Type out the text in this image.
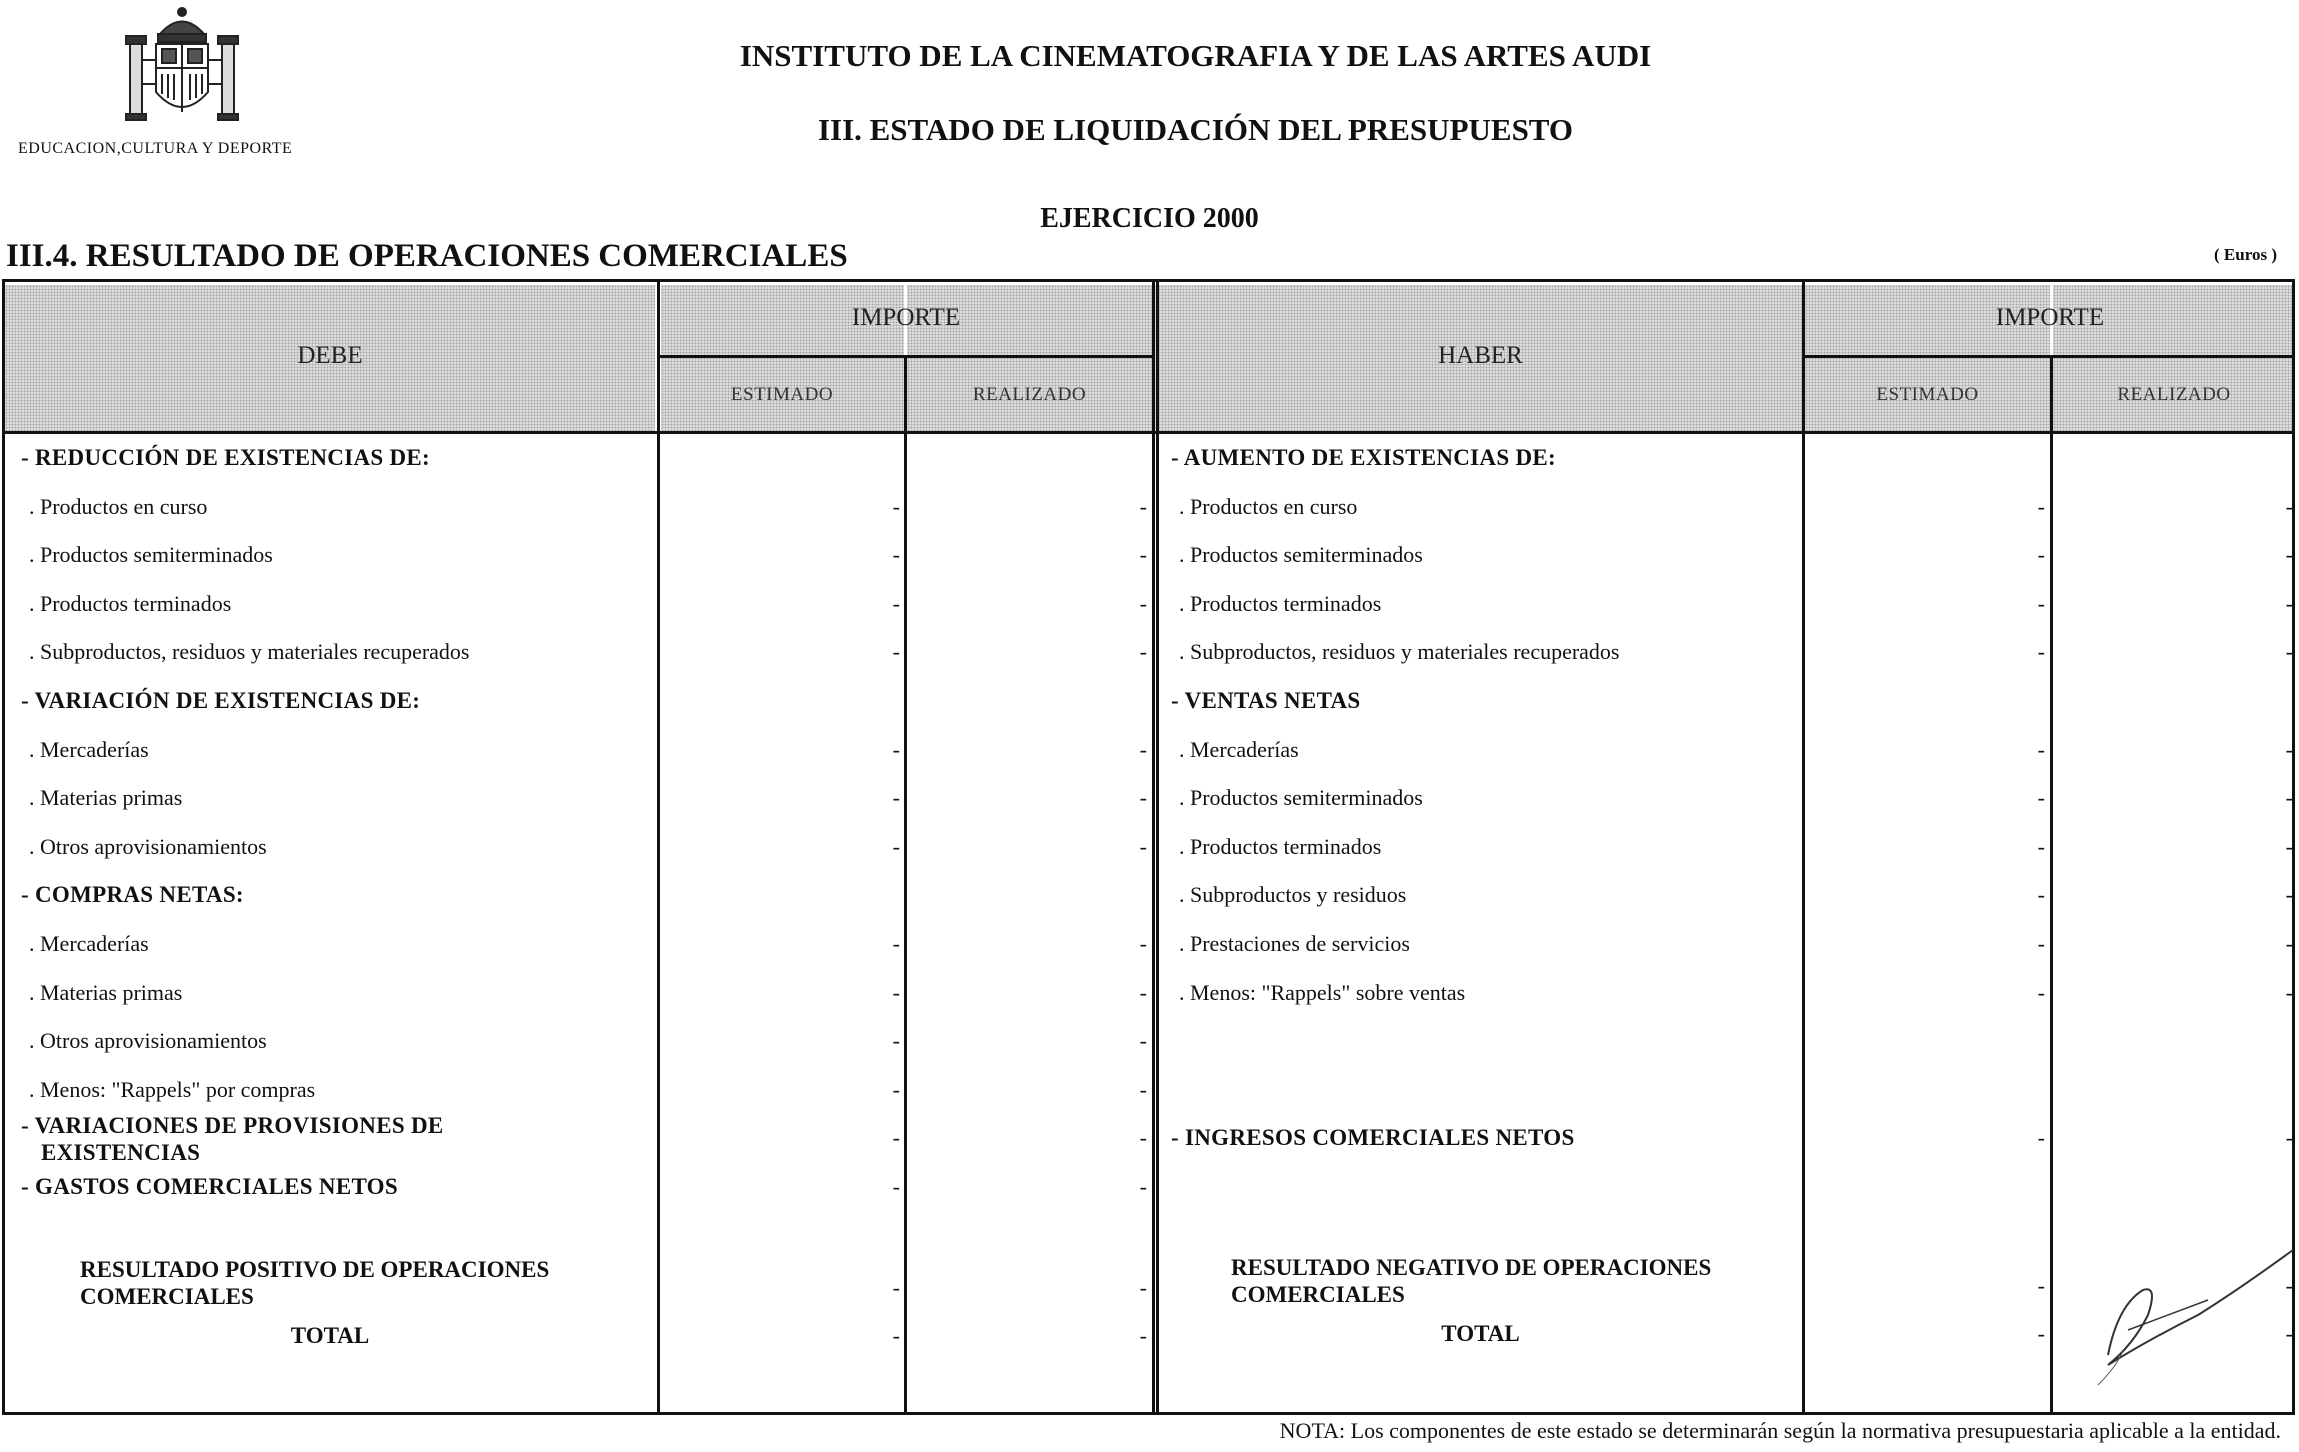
EDUCACION,CULTURA Y DEPORTE
INSTITUTO DE LA CINEMATOGRAFIA Y DE LAS ARTES AUDI
III. ESTADO DE LIQUIDACIÓN DEL PRESUPUESTO
EJERCICIO 2000
III.4. RESULTADO DE OPERACIONES COMERCIALES	( Euros )
DEBE
IMPORTE
ESTIMADO	REALIZADO
HABER
IMPORTE
ESTIMADO	REALIZADO
RESULTADO POSITIVO DE OPERACIONES
COMERCIALES	-	-
TOTAL	-	-
RESULTADO NEGATIVO DE OPERACIONES
COMERCIALES	-	-
TOTAL	-	-
- REDUCCIÓN DE EXISTENCIAS DE:
. Productos en curso	-	-
. Productos semiterminados	-	-
. Productos terminados	-	-
. Subproductos, residuos y materiales recuperados	-	-
- VARIACIÓN DE EXISTENCIAS DE:
. Mercaderías	-	-
. Materias primas	-	-
. Otros aprovisionamientos	-	-
- COMPRAS NETAS:
. Mercaderías	-	-
. Materias primas	-	-
. Otros aprovisionamientos	-	-
. Menos: "Rappels" por compras	-	-
- VARIACIONES DE PROVISIONES DE
EXISTENCIAS
-	-
- GASTOS COMERCIALES NETOS	-	-
- AUMENTO DE EXISTENCIAS DE:
. Productos en curso	-	-
. Productos semiterminados	-	-
. Productos terminados	-	-
. Subproductos, residuos y materiales recuperados	-	-
- VENTAS NETAS
. Mercaderías	-	-
. Productos semiterminados	-	-
. Productos terminados	-	-
. Subproductos y residuos	-	-
. Prestaciones de servicios	-	-
. Menos: "Rappels" sobre ventas	-	-
- INGRESOS COMERCIALES NETOS	-	-
NOTA: Los componentes de este estado se determinarán según la normativa presupuestaria aplicable a la entidad.
